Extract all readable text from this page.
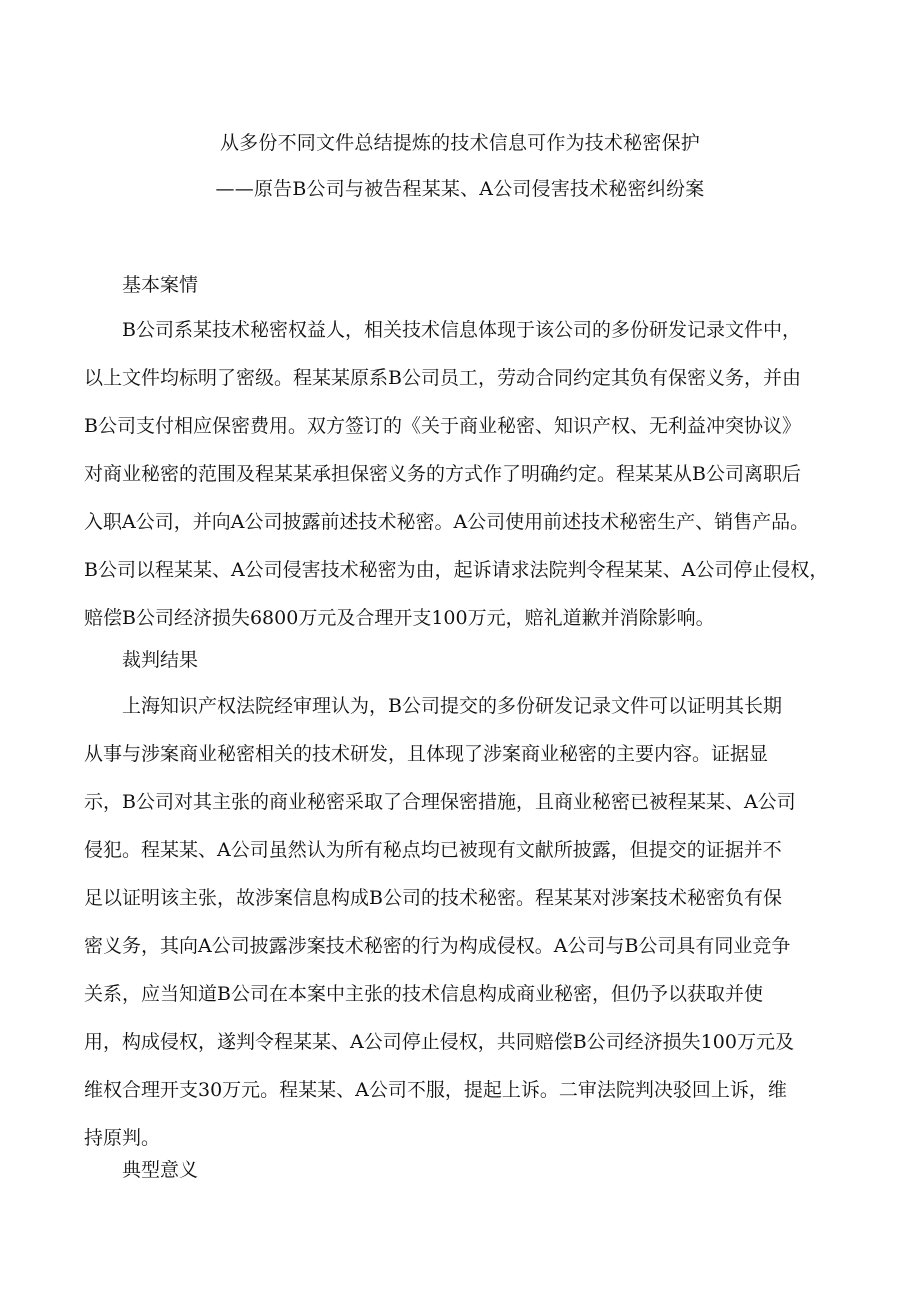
从多份不同文件总结提炼的技术信息可作为技术秘密保护
——原告B公司与被告程某某、A公司侵害技术秘密纠纷案
基本案情
B公司系某技术秘密权益人，相关技术信息体现于该公司的多份研发记录文件中，
以上文件均标明了密级。程某某原系B公司员工，劳动合同约定其负有保密义务，并由
B公司支付相应保密费用。双方签订的《关于商业秘密、知识产权、无利益冲突协议》
对商业秘密的范围及程某某承担保密义务的方式作了明确约定。程某某从B公司离职后
入职A公司，并向A公司披露前述技术秘密。A公司使用前述技术秘密生产、销售产品。
B公司以程某某、A公司侵害技术秘密为由，起诉请求法院判令程某某、A公司停止侵权，
赔偿B公司经济损失6800万元及合理开支100万元，赔礼道歉并消除影响。
裁判结果
上海知识产权法院经审理认为，B公司提交的多份研发记录文件可以证明其长期
从事与涉案商业秘密相关的技术研发，且体现了涉案商业秘密的主要内容。证据显
示，B公司对其主张的商业秘密采取了合理保密措施，且商业秘密已被程某某、A公司
侵犯。程某某、A公司虽然认为所有秘点均已被现有文献所披露，但提交的证据并不
足以证明该主张，故涉案信息构成B公司的技术秘密。程某某对涉案技术秘密负有保
密义务，其向A公司披露涉案技术秘密的行为构成侵权。A公司与B公司具有同业竞争
关系，应当知道B公司在本案中主张的技术信息构成商业秘密，但仍予以获取并使
用，构成侵权，遂判令程某某、A公司停止侵权，共同赔偿B公司经济损失100万元及
维权合理开支30万元。程某某、A公司不服，提起上诉。二审法院判决驳回上诉，维
持原判。
典型意义
